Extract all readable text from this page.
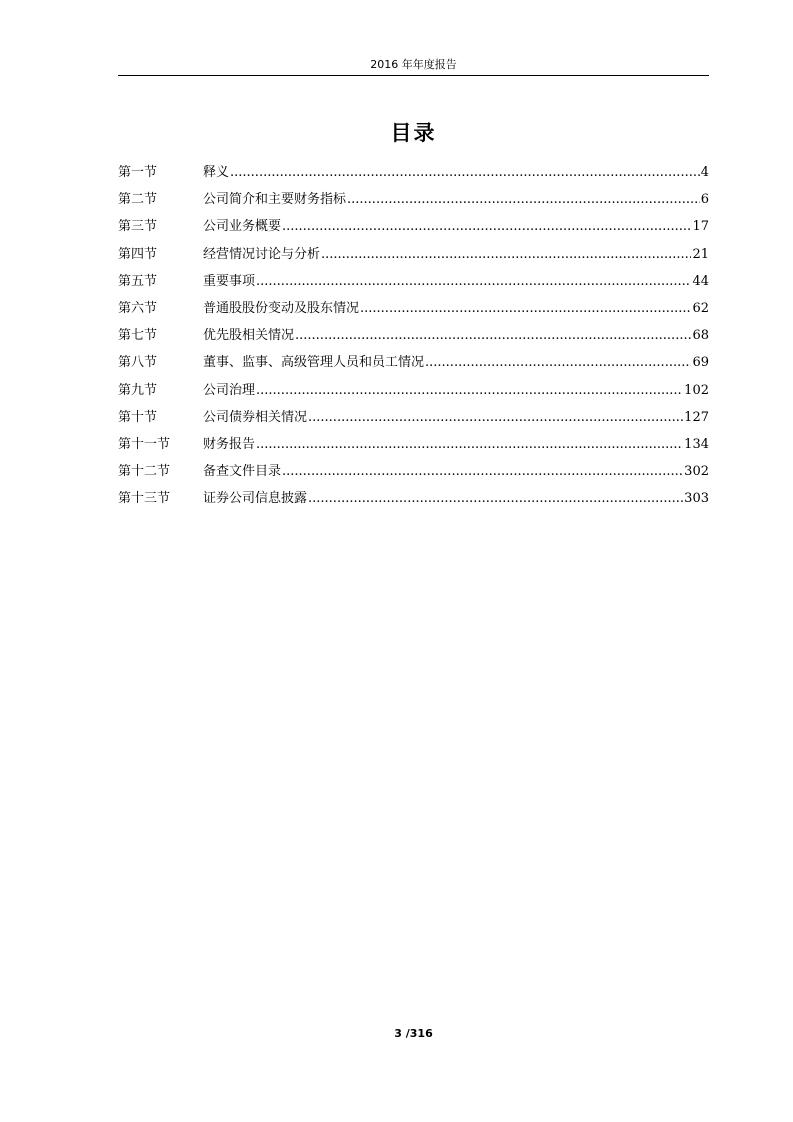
2016 年年度报告
目录
第一节	释义 .....	4
第二节	公司简介和主要财务指标 .....	6
第三节	公司业务概要 .....	17
第四节	经营情况讨论与分析 .....	21
第五节	重要事项 .....	44
第六节	普通股股份变动及股东情况 .....	62
第七节	优先股相关情况 .....	68
第八节	董事、监事、高级管理人员和员工情况 .....	69
第九节	公司治理 .....	102
第十节	公司债券相关情况 .....	127
第十一节	财务报告 .....	134
第十二节	备查文件目录 .....	302
第十三节	证券公司信息披露 .....	303
3 /316
